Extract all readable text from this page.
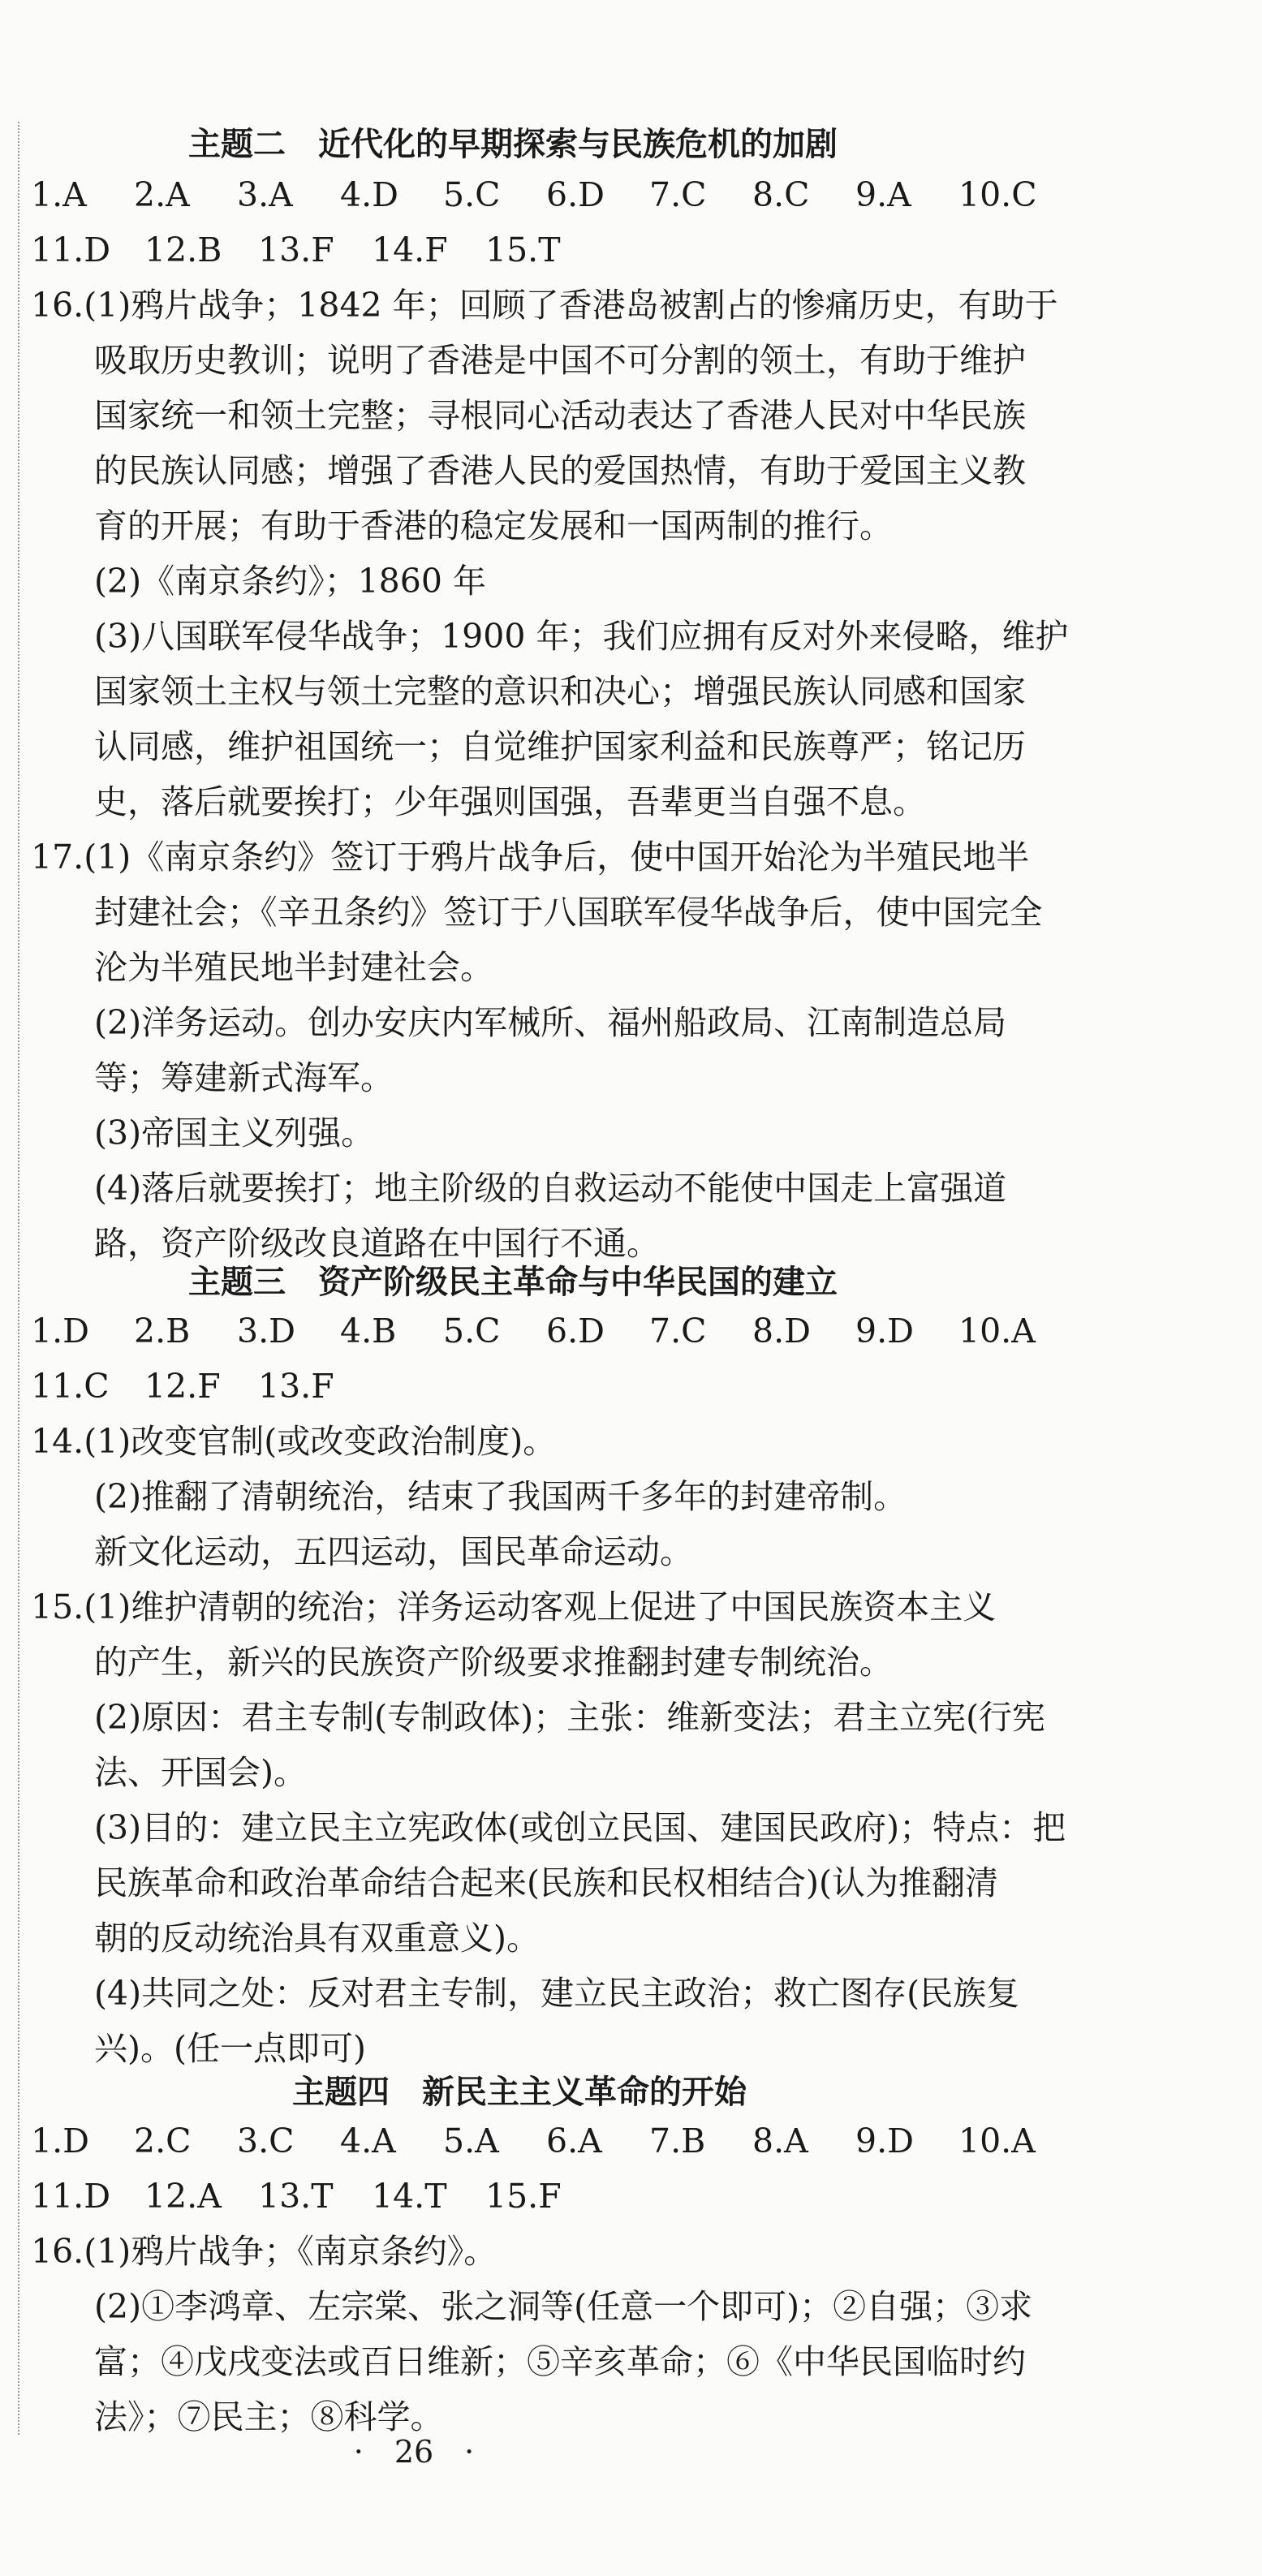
主题二　近代化的早期探索与民族危机的加剧
1.A 2.A 3.A 4.D 5.C 6.D 7.C 8.C 9.A 10.C
11.D 12.B 13.F 14.F 15.T
16.(1)鸦片战争；1842 年；回顾了香港岛被割占的惨痛历史，有助于
吸取历史教训；说明了香港是中国不可分割的领土，有助于维护
国家统一和领土完整；寻根同心活动表达了香港人民对中华民族
的民族认同感；增强了香港人民的爱国热情，有助于爱国主义教
育的开展；有助于香港的稳定发展和一国两制的推行。
(2)《南京条约》；1860 年
(3)八国联军侵华战争；1900 年；我们应拥有反对外来侵略，维护
国家领土主权与领土完整的意识和决心；增强民族认同感和国家
认同感，维护祖国统一；自觉维护国家利益和民族尊严；铭记历
史，落后就要挨打；少年强则国强，吾辈更当自强不息。
17.(1)《南京条约》签订于鸦片战争后，使中国开始沦为半殖民地半
封建社会；《辛丑条约》签订于八国联军侵华战争后，使中国完全
沦为半殖民地半封建社会。
(2)洋务运动。创办安庆内军械所、福州船政局、江南制造总局
等；筹建新式海军。
(3)帝国主义列强。
(4)落后就要挨打；地主阶级的自救运动不能使中国走上富强道
路，资产阶级改良道路在中国行不通。
主题三　资产阶级民主革命与中华民国的建立
1.D 2.B 3.D 4.B 5.C 6.D 7.C 8.D 9.D 10.A
11.C 12.F 13.F
14.(1)改变官制(或改变政治制度)。
(2)推翻了清朝统治，结束了我国两千多年的封建帝制。
新文化运动，五四运动，国民革命运动。
15.(1)维护清朝的统治；洋务运动客观上促进了中国民族资本主义
的产生，新兴的民族资产阶级要求推翻封建专制统治。
(2)原因：君主专制(专制政体)；主张：维新变法；君主立宪(行宪
法、开国会)。
(3)目的：建立民主立宪政体(或创立民国、建国民政府)；特点：把
民族革命和政治革命结合起来(民族和民权相结合)(认为推翻清
朝的反动统治具有双重意义)。
(4)共同之处：反对君主专制，建立民主政治；救亡图存(民族复
兴)。(任一点即可)
主题四　新民主主义革命的开始
1.D 2.C 3.C 4.A 5.A 6.A 7.B 8.A 9.D 10.A
11.D 12.A 13.T 14.T 15.F
16.(1)鸦片战争；《南京条约》。
(2)①李鸿章、左宗棠、张之洞等(任意一个即可)；②自强；③求
富；④戊戌变法或百日维新；⑤辛亥革命；⑥《中华民国临时约
法》；⑦民主；⑧科学。
·　26　·
